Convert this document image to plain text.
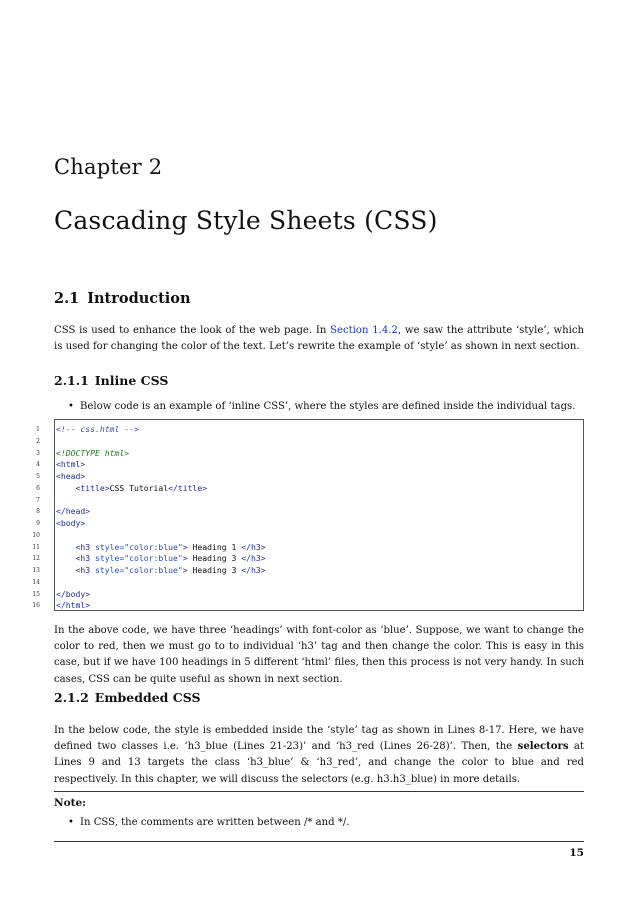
Chapter 2
Cascading Style Sheets (CSS)
2.1 Introduction

CSS is used to enhance the look of the web page. In Section 1.4.2, we saw the attribute ‘style’, which is used for changing the color of the text. Let’s rewrite the example of ‘style’ as shown in next section.

2.1.1 Inline CSS
• Below code is an example of ‘inline CSS’, where the styles are defined inside the individual tags.
1 <!-- css.html -->
2
3 <!DOCTYPE html>
4 <html>
5 <head>
6	<title>CSS Tutorial</title>
7
8 </head>
9 <body>
10
11	<h3 style="color:blue"> Heading 1 </h3>
12	<h3 style="color:blue"> Heading 3 </h3>
13	<h3 style="color:blue"> Heading 3 </h3>
14
15 </body>
16 </html>

In the above code, we have three ‘headings’ with font-color as ‘blue’. Suppose, we want to change the color to red, then we must go to to individual ‘h3’ tag and then change the color. This is easy in this case, but if we have 100 headings in 5 different ‘html’ files, then this process is not very handy. In such cases, CSS can be quite useful as shown in next section.

2.1.2 Embedded CSS

In the below code, the style is embedded inside the ‘style’ tag as shown in Lines 8-17. Here, we have defined two classes i.e. ‘h3_blue (Lines 21-23)’ and ‘h3_red (Lines 26-28)’. Then, the selectors at Lines 9 and 13 targets the class ‘h3_blue’ & ‘h3_red’, and change the color to blue and red respectively. In this chapter, we will discuss the selectors (e.g. h3.h3_blue) in more details.

Note:
• In CSS, the comments are written between /* and */.
15
